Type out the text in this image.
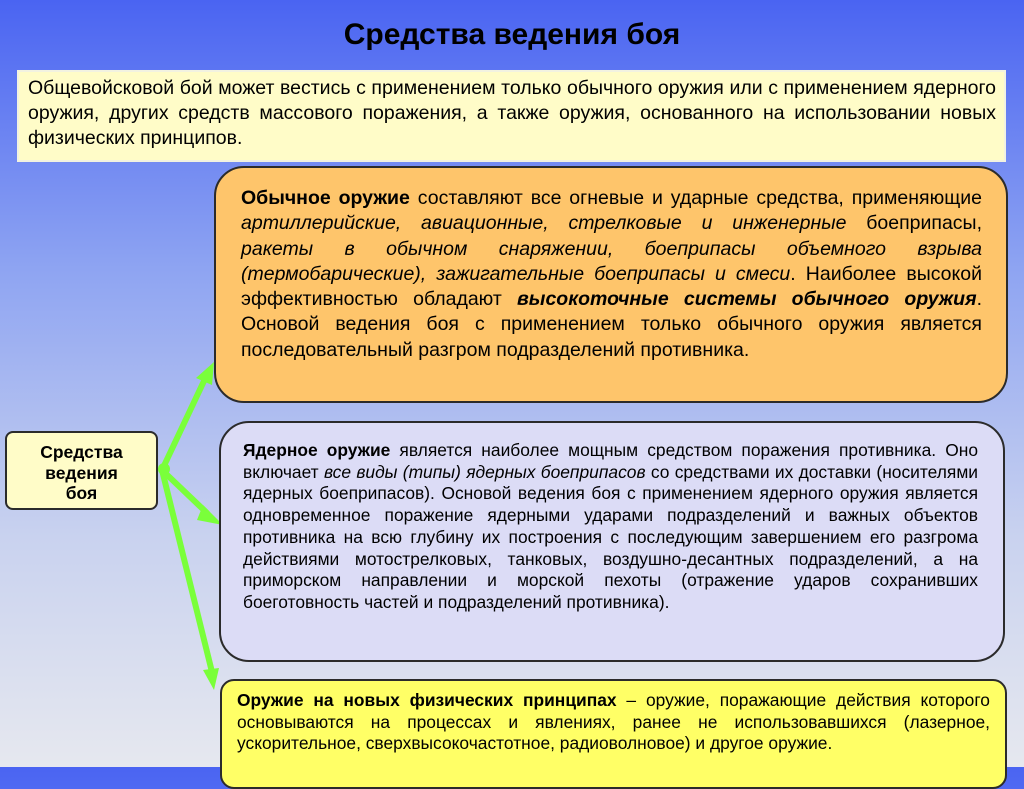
Средства ведения боя
Общевойсковой бой может вестись с применением только обычного оружия или с применением ядерного оружия, других средств массового поражения, а также оружия, основанного на использовании новых физических принципов.

Обычное оружие составляют все огневые и ударные средства, применяющие артиллерийские, авиационные, стрелковые и инженерные боеприпасы, ракеты в обычном снаряжении, боеприпасы объемного взрыва (термобарические), зажигательные боеприпасы и смеси. Наиболее высокой эффективностью обладают высокоточные системы обычного оружия. Основой ведения боя с применением только обычного оружия является последовательный разгром подразделений противника.

Средства
ведения
боя

Ядерное оружие является наиболее мощным средством поражения противника. Оно включает все виды (типы) ядерных боеприпасов со средствами их доставки (носителями ядерных боеприпасов). Основой ведения боя с применением ядерного оружия является одновременное поражение ядерными ударами подразделений и важных объектов противника на всю глубину их построения с последующим завершением его разгрома действиями мотострелковых, танковых, воздушно-десантных подразделений, а на приморском направлении и морской пехоты (отражение ударов сохранивших боеготовность частей и подразделений противника).

Оружие на новых физических принципах – оружие, поражающие действия которого основываются на процессах и явлениях, ранее не использовавшихся (лазерное, ускорительное, сверхвысокочастотное, радиоволновое) и другое оружие.
